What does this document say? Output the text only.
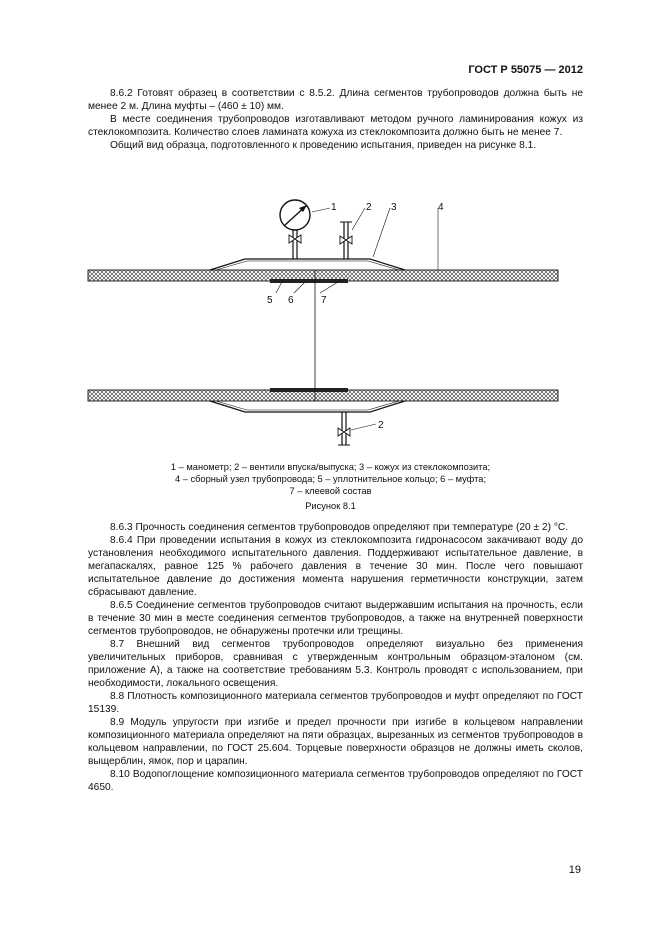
ГОСТ Р 55075 — 2012

8.6.2 Готовят образец в соответствии с 8.5.2. Длина сегментов трубопроводов должна быть не менее 2 м. Длина муфты – (460 ± 10) мм.

В месте соединения трубопроводов изготавливают методом ручного ламинирования кожух из стеклокомпозита. Количество слоев ламината кожуха из стеклокомпозита должно быть не менее 7.

Общий вид образца, подготовленного к проведению испытания, приведен на рисунке 8.1.

1	2 3	4
5 6	7
2
1 – манометр; 2 – вентили впуска/выпуска; 3 – кожух из стеклокомпозита;
4 – сборный узел трубопровода; 5 – уплотнительное кольцо; 6 – муфта;
7 – клеевой состав
Рисунок 8.1

8.6.3 Прочность соединения сегментов трубопроводов определяют при температуре (20 ± 2) °С.

8.6.4 При проведении испытания в кожух из стеклокомпозита гидронасосом закачивают воду до установления необходимого испытательного давления. Поддерживают испытательное давление, в мегапаскалях, равное 125 % рабочего давления в течение 30 мин. После чего повышают испытательное давление до достижения момента нарушения герметичности конструкции, затем сбрасывают давление.

8.6.5 Соединение сегментов трубопроводов считают выдержавшим испытания на прочность, если в течение 30 мин в месте соединения сегментов трубопроводов, а также на внутренней поверхности сегментов трубопроводов, не обнаружены протечки или трещины.

8.7 Внешний вид сегментов трубопроводов определяют визуально без применения увеличительных приборов, сравнивая с утвержденным контрольным образцом-эталоном (см. приложение А), а также на соответствие требованиям 5.3. Контроль проводят с использованием, при необходимости, локального освещения.

8.8 Плотность композиционного материала сегментов трубопроводов и муфт определяют по ГОСТ 15139.

8.9 Модуль упругости при изгибе и предел прочности при изгибе в кольцевом направлении композиционного материала определяют на пяти образцах, вырезанных из сегментов трубопроводов в кольцевом направлении, по ГОСТ 25.604. Торцевые поверхности образцов не должны иметь сколов, выщерблин, ямок, пор и царапин.

8.10 Водопоглощение композиционного материала сегментов трубопроводов определяют по ГОСТ 4650.

19
